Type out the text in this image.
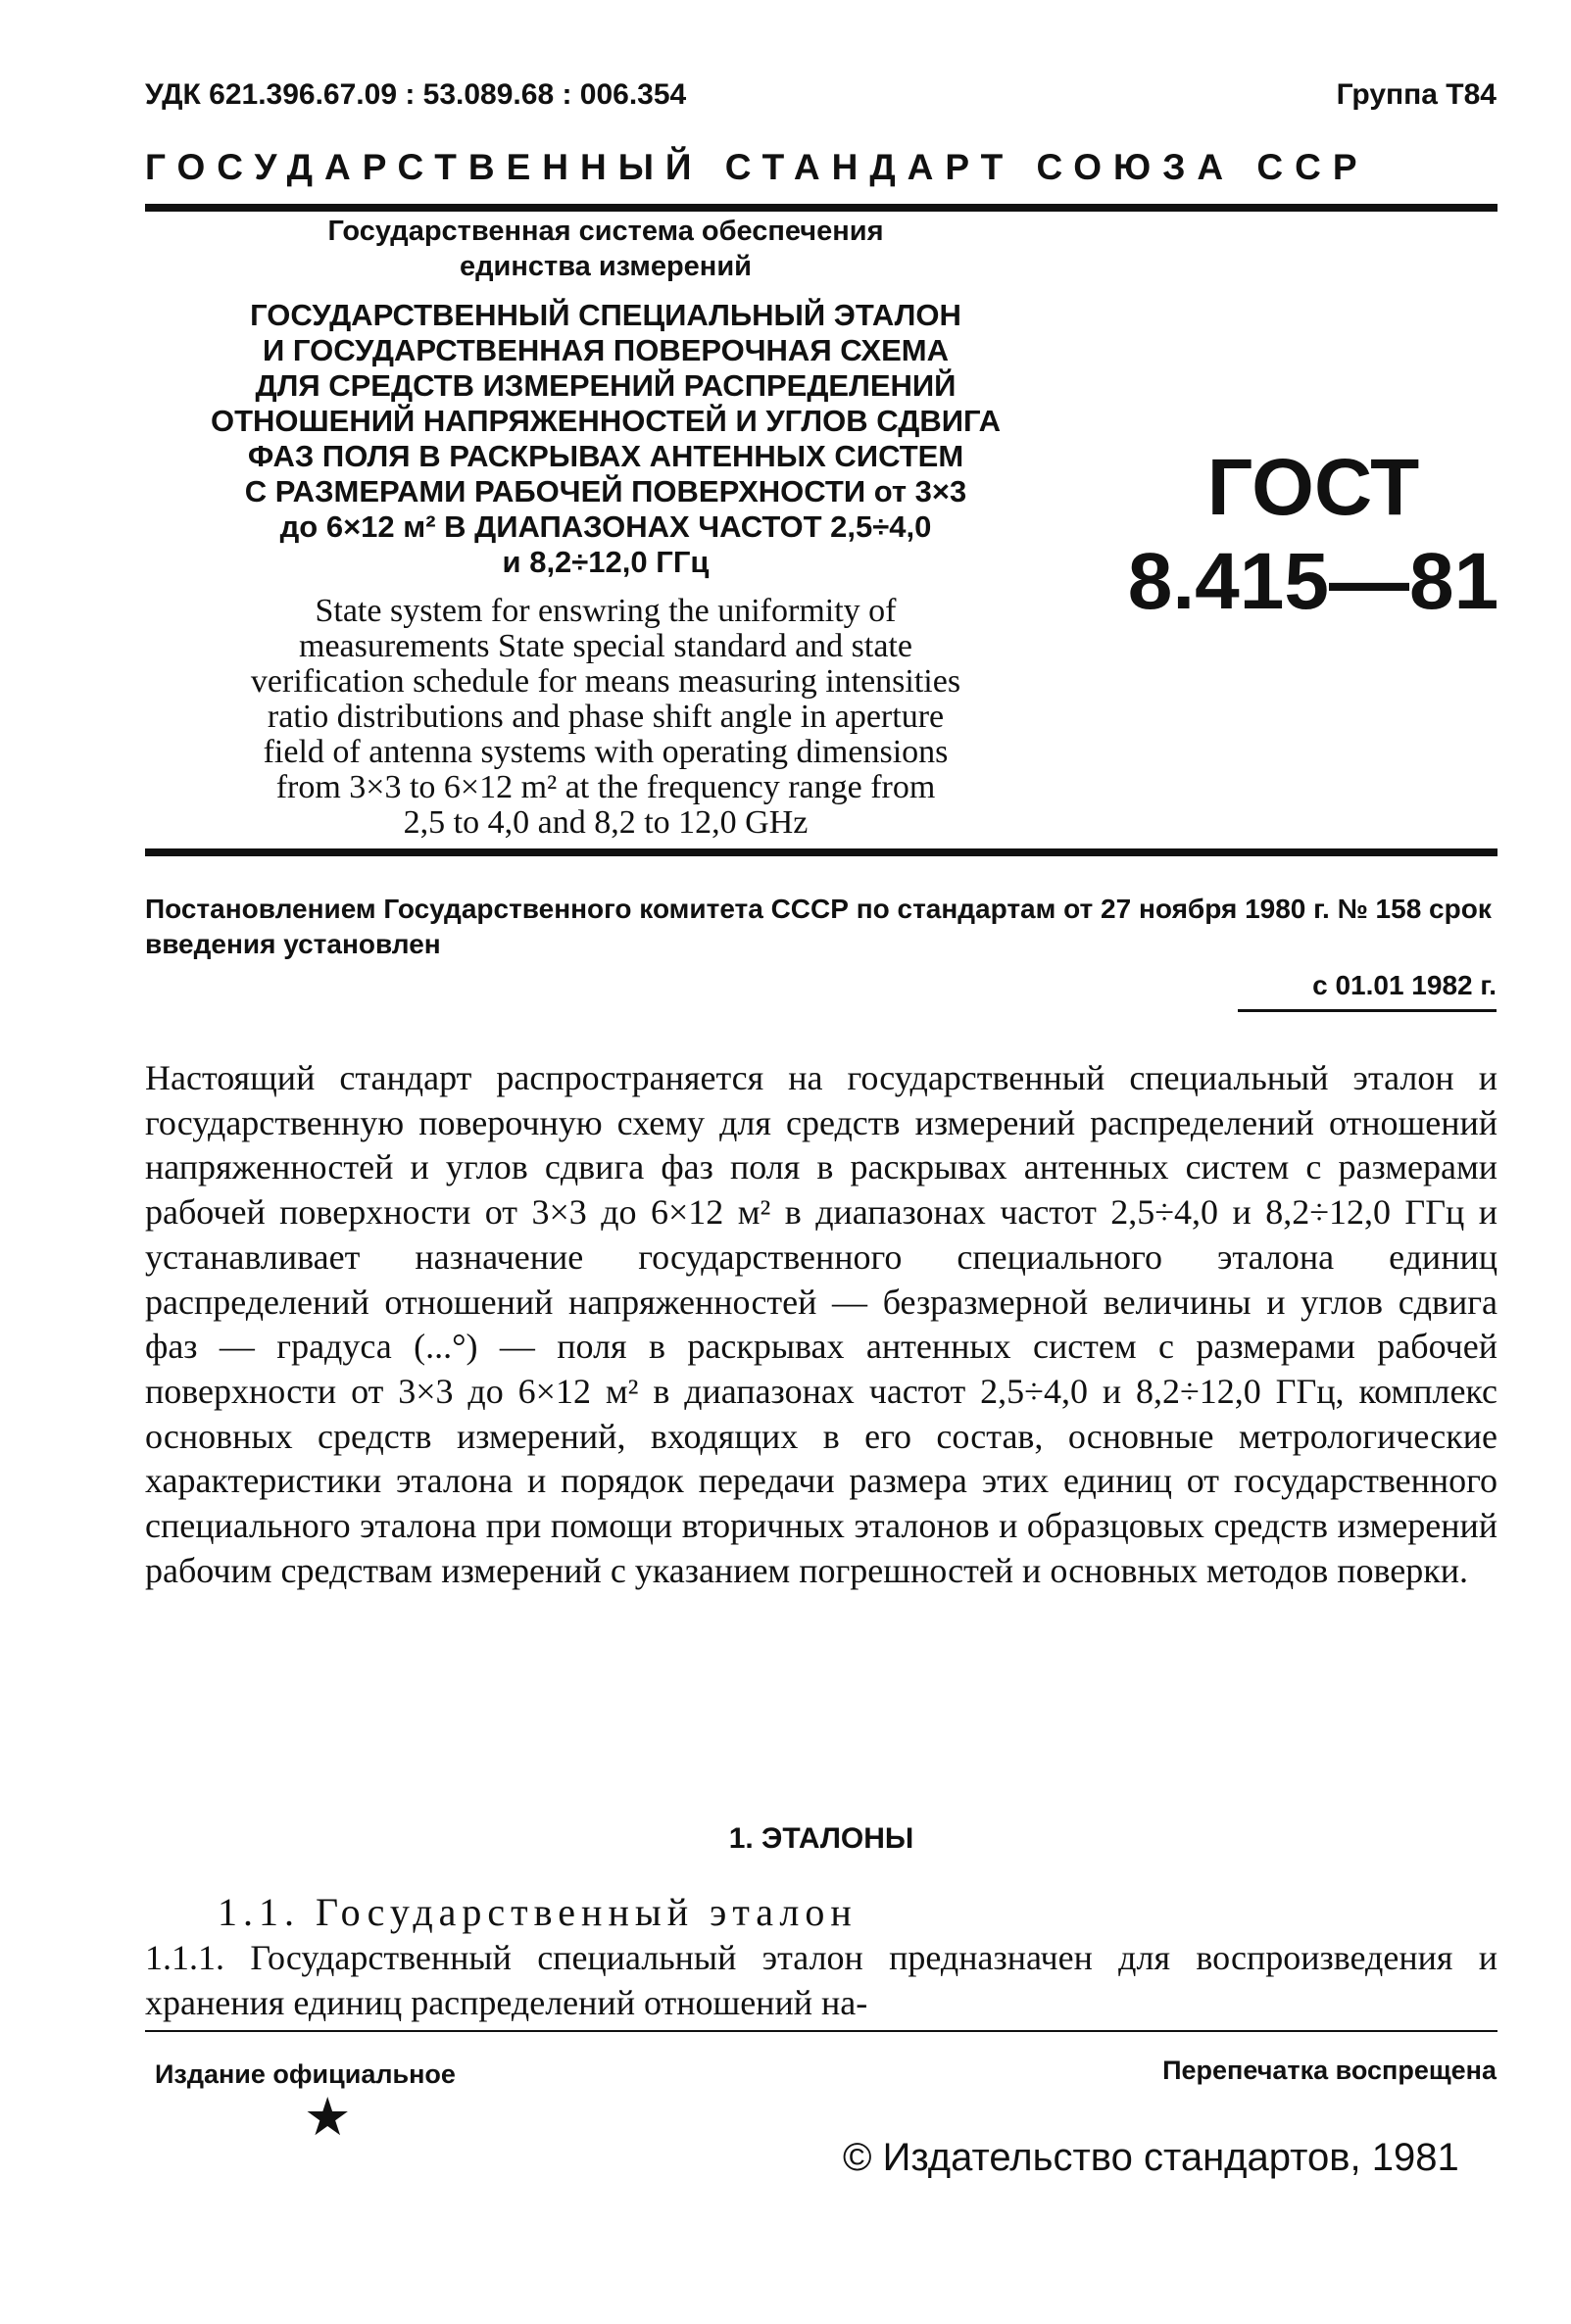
УДК 621.396.67.09 : 53.089.68 : 006.354	Группа Т84
ГОСУДАРСТВЕННЫЙ СТАНДАРТ СОЮЗА ССР
Государственная система обеспечения
единства измерений
ГОСУДАРСТВЕННЫЙ СПЕЦИАЛЬНЫЙ ЭТАЛОН
И ГОСУДАРСТВЕННАЯ ПОВЕРОЧНАЯ СХЕМА
ДЛЯ СРЕДСТВ ИЗМЕРЕНИЙ РАСПРЕДЕЛЕНИЙ
ОТНОШЕНИЙ НАПРЯЖЕННОСТЕЙ И УГЛОВ СДВИГА
ФАЗ ПОЛЯ В РАСКРЫВАХ АНТЕННЫХ СИСТЕМ
С РАЗМЕРАМИ РАБОЧЕЙ ПОВЕРХНОСТИ от 3×3
до 6×12 м² В ДИАПАЗОНАХ ЧАСТОТ 2,5÷4,0
и 8,2÷12,0 ГГц
State system for enswring the uniformity of
measurements State special standard and state
verification schedule for means measuring intensities
ratio distributions and phase shift angle in aperture
field of antenna systems with operating dimensions
from 3×3 to 6×12 m² at the frequency range from
2,5 to 4,0 and 8,2 to 12,0 GHz
ГОСТ
8.415—81
Постановлением Государственного комитета СССР по стандартам от 27 ноября 1980 г. № 158 срок введения установлен
с 01.01 1982 г.
Настоящий стандарт распространяется на государственный специальный эталон и государственную поверочную схему для средств измерений распределений отношений напряженностей и углов сдвига фаз поля в раскрывах антенных систем с размерами рабочей поверхности от 3×3 до 6×12 м² в диапазонах частот 2,5÷4,0 и 8,2÷12,0 ГГц и устанавливает назначение государственного специального эталона единиц распределений отношений напряженностей — безразмерной величины и углов сдвига фаз — градуса (...°) — поля в раскрывах антенных систем с размерами рабочей поверхности от 3×3 до 6×12 м² в диапазонах частот 2,5÷4,0 и 8,2÷12,0 ГГц, комплекс основных средств измерений, входящих в его состав, основные метрологические характеристики эталона и порядок передачи размера этих единиц от государственного специального эталона при помощи вторичных эталонов и образцовых средств измерений рабочим средствам измерений с указанием погрешностей и основных методов поверки.
1. ЭТАЛОНЫ
1.1. Государственный эталон
1.1.1. Государственный специальный эталон предназначен для воспроизведения и хранения единиц распределений отношений на-
Издание официальное	Перепечатка воспрещена
★
© Издательство стандартов, 1981
